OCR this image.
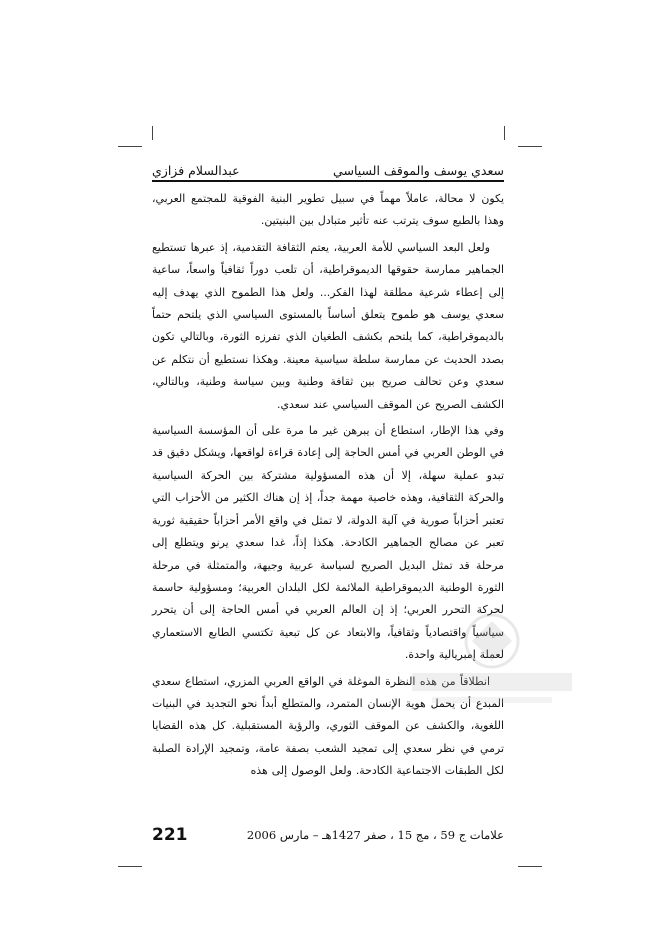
سعدي يوسف والموقف السياسي
عبدالسلام فزازي

يكون لا محالة، عاملاً مهماً في سبيل تطوير البنية الفوقية للمجتمع العربي، وهذا بالطبع سوف يترتب عنه تأثير متبادل بين البنيتين.

ولعل البعد السياسي للأمة العربية، يعتم الثقافة التقدمية، إذ عبرها تستطيع الجماهير ممارسة حقوقها الديموقراطية، أن تلعب دوراً ثقافياً واسعاً، ساعية إلى إعطاء شرعية مطلقة لهذا الفكر... ولعل هذا الطموح الذي يهدف إليه سعدي يوسف هو طموح يتعلق أساساً بالمستوى السياسي الذي يلتحم حتماً بالديموقراطية، كما يلتحم بكشف الطغيان الذي تفرزه الثورة، وبالتالي تكون بصدد الحديث عن ممارسة سلطة سياسية معينة. وهكذا نستطيع أن نتكلم عن سعدي وعن تحالف صريح بين ثقافة وطنية وبين سياسة وطنية، وبالتالي، الكشف الصريح عن الموقف السياسي عند سعدي.

وفي هذا الإطار، استطاع أن يبرهن غير ما مرة على أن المؤسسة السياسية في الوطن العربي في أمس الحاجة إلى إعادة قراءة لواقعها، ويشكل دقيق قد تبدو عملية سهلة، إلا أن هذه المسؤولية مشتركة بين الحركة السياسية والحركة الثقافية، وهذه خاصية مهمة جداً، إذ إن هناك الكثير من الأحزاب التي تعتبر أحزاباً صورية في آلية الدولة، لا تمثل في واقع الأمر أحزاباً حقيقية ثورية تعبر عن مصالح الجماهير الكادحة. هكذا إذاً، غدا سعدي يرنو ويتطلع إلى مرحلة قد تمثل البديل الصريح لسياسة عربية وجيهة، والمتمثلة في مرحلة الثورة الوطنية الديموقراطية الملائمة لكل البلدان العربية؛ ومسؤولية حاسمة لحركة التحرر العربي؛ إذ إن العالم العربي في أمس الحاجة إلى أن يتحرر سياسياً واقتصادياً وثقافياً، والابتعاد عن كل تبعية تكتسي الطابع الاستعماري لعملة إمبريالية واحدة.

انطلاقاً من هذه النظرة الموغلة في الواقع العربي المزري، استطاع سعدي المبدع أن يحمل هوية الإنسان المتمرد، والمتطلع أبداً نحو التجديد في البنيات اللغوية، والكشف عن الموقف الثوري، والرؤية المستقبلية. كل هذه القضايا ترمي في نظر سعدي إلى تمجيد الشعب بصفة عامة، وتمجيد الإرادة الصلبة لكل الطبقات الاجتماعية الكادحة. ولعل الوصول إلى هذه

221	علامات ج 59 ، مج 15 ، صفر 1427هـ – مارس 2006
